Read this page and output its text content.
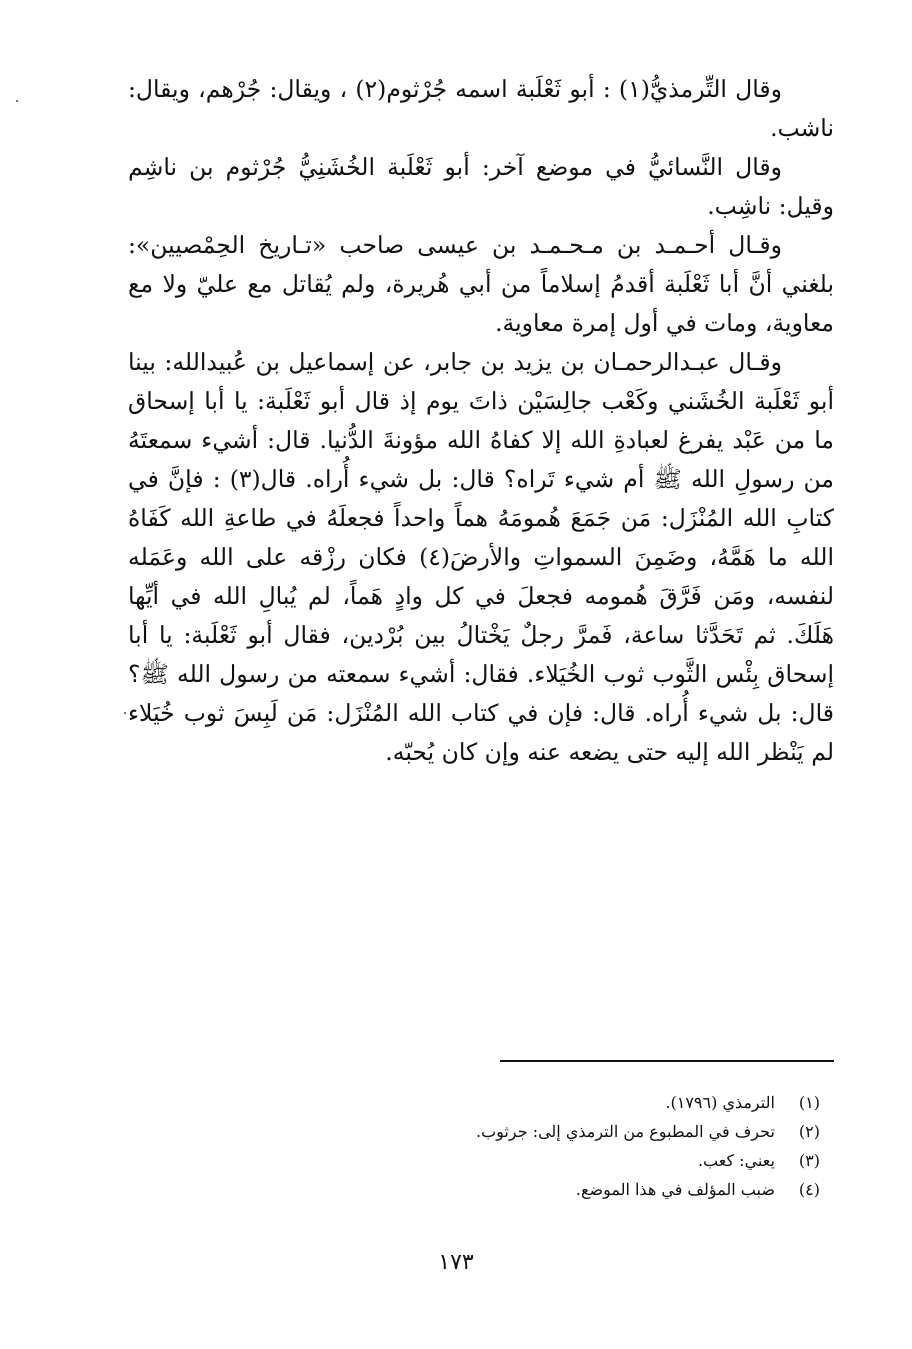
وقال التِّرمذيُّ(١) : أبو ثَعْلَبة اسمه جُرْثوم(٢) ، ويقال: جُرْهم، ويقال: ناشب.

وقال النَّسائيُّ في موضع آخر: أبو ثَعْلَبة الخُشَنِيُّ جُرْثوم بن ناشِم وقيل: ناشِب.

وقـال أحـمـد بن مـحـمـد بن عيسى صاحب «تـاريخ الحِمْصيين»: بلغني أنَّ أبا ثَعْلَبة أقدمُ إسلاماً من أبي هُريرة، ولم يُقاتل مع عليّ ولا مع معاوية، ومات في أول إمرة معاوية.

وقـال عبـدالرحمـان بن يزيد بن جابر، عن إسماعيل بن عُبيدالله: بينا أبو ثَعْلَبة الخُشَني وكَعْب جالِسَيْن ذاتَ يوم إذ قال أبو ثَعْلَبة: يا أبا إسحاق ما من عَبْد يفرغ لعبادةِ الله إلا كفاهُ الله مؤونةَ الدُّنيا. قال: أشيء سمعتَهُ من رسولِ الله ﷺ أم شيء تَراه؟ قال: بل شيء أُراه. قال(٣) : فإنَّ في كتابِ الله المُنْزَل: مَن جَمَعَ هُمومَهُ هماً واحداً فجعلَهُ في طاعةِ الله كَفَاهُ الله ما هَمَّهُ، وضَمِنَ السمواتِ والأرضَ(٤) فكان رزْقه على الله وعَمَله لنفسه، ومَن فَرَّقَ هُمومه فجعلَ في كل وادٍ هَماً، لم يُبالِ الله في أيِّها هَلَكَ. ثم تَحَدَّثا ساعة، فَمرَّ رجلٌ يَخْتالُ بين بُرْدين، فقال أبو ثَعْلَبة: يا أبا إسحاق بِئْس الثَّوب ثوب الخُيَلاء. فقال: أشيء سمعته من رسول الله ﷺ؟ قال: بل شيء أُراه. قال: فإن في كتاب الله المُنْزَل: مَن لَبِسَ ثوب خُيَلاء لم يَنْظر الله إليه حتى يضعه عنه وإن كان يُحبّه.

(١) الترمذي (١٧٩٦).

(٢) تحرف في المطبوع من الترمذي إلى: جرثوب.

(٣) يعني: كعب.

(٤) ضبب المؤلف في هذا الموضع.

١٧٣
